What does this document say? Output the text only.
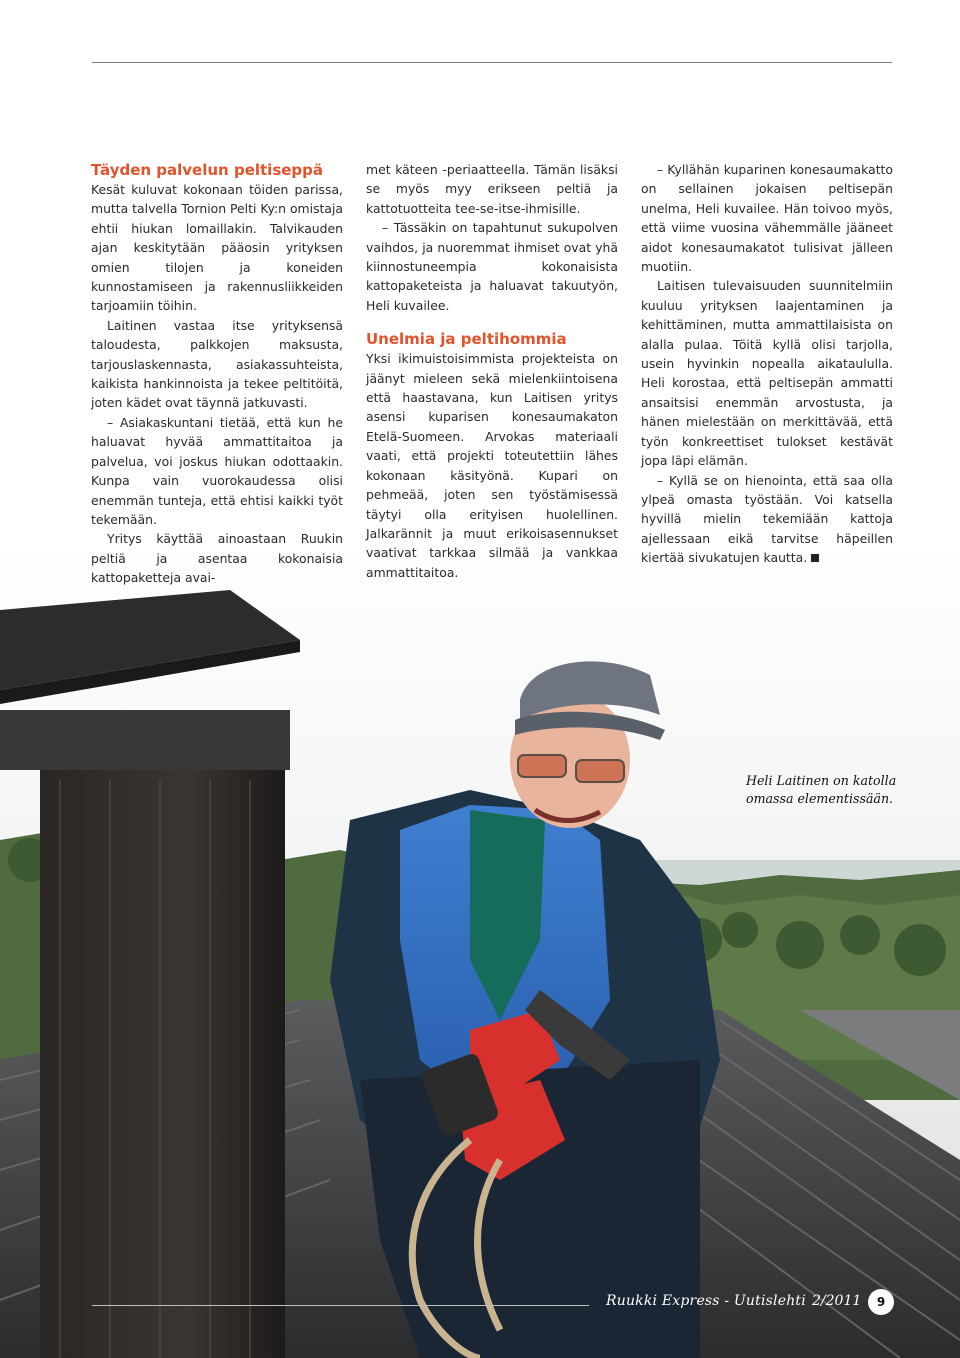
Täyden palvelun peltiseppä

Kesät kuluvat kokonaan töiden parissa, mutta talvella Tornion Pelti Ky:n omistaja ehtii hiukan lomaillakin. Talvikauden ajan keskitytään pääosin yrityksen omien tilojen ja koneiden kunnostamiseen ja rakennusliikkeiden tarjoamiin töihin.

Laitinen vastaa itse yrityksensä taloudesta, palkkojen maksusta, tarjouslaskennasta, asiakassuhteista, kaikista hankinnoista ja tekee peltitöitä, joten kädet ovat täynnä jatkuvasti.

– Asiakaskuntani tietää, että kun he haluavat hyvää ammattitaitoa ja palvelua, voi joskus hiukan odottaakin. Kunpa vain vuorokaudessa olisi enemmän tunteja, että ehtisi kaikki työt tekemään.

Yritys käyttää ainoastaan Ruukin peltiä ja asentaa kokonaisia kattopaketteja avai-

met käteen -periaatteella. Tämän lisäksi se myös myy erikseen peltiä ja kattotuotteita tee-se-itse-ihmisille.

– Tässäkin on tapahtunut sukupolven vaihdos, ja nuoremmat ihmiset ovat yhä kiinnostuneempia kokonaisista kattopaketeista ja haluavat takuutyön, Heli kuvailee.

Unelmia ja peltihommia

Yksi ikimuistoisimmista projekteista on jäänyt mieleen sekä mielenkiintoisena että haastavana, kun Laitisen yritys asensi kuparisen konesaumakaton Etelä-Suomeen. Arvokas materiaali vaati, että projekti toteutettiin lähes kokonaan käsityönä. Kupari on pehmeää, joten sen työstämisessä täytyi olla erityisen huolellinen. Jalkarännit ja muut erikoisasennukset vaativat tarkkaa silmää ja vankkaa ammattitaitoa.

– Kyllähän kuparinen konesaumakatto on sellainen jokaisen peltisepän unelma, Heli kuvailee. Hän toivoo myös, että viime vuosina vähemmälle jääneet aidot konesaumakatot tulisivat jälleen muotiin.

Laitisen tulevaisuuden suunnitelmiin kuuluu yrityksen laajentaminen ja kehittäminen, mutta ammattilaisista on alalla pulaa. Töitä kyllä olisi tarjolla, usein hyvinkin nopealla aikataululla. Heli korostaa, että peltisepän ammatti ansaitsisi enemmän arvostusta, ja hänen mielestään on merkittävää, että työn konkreettiset tulokset kestävät jopa läpi elämän.

– Kyllä se on hienointa, että saa olla ylpeä omasta työstään. Voi katsella hyvillä mielin tekemiään kattoja ajellessaan eikä tarvitse häpeillen kiertää sivukatujen kautta.

Heli Laitinen on katolla omassa elementissään.
Ruukki Express - Uutislehti 2/2011	9
